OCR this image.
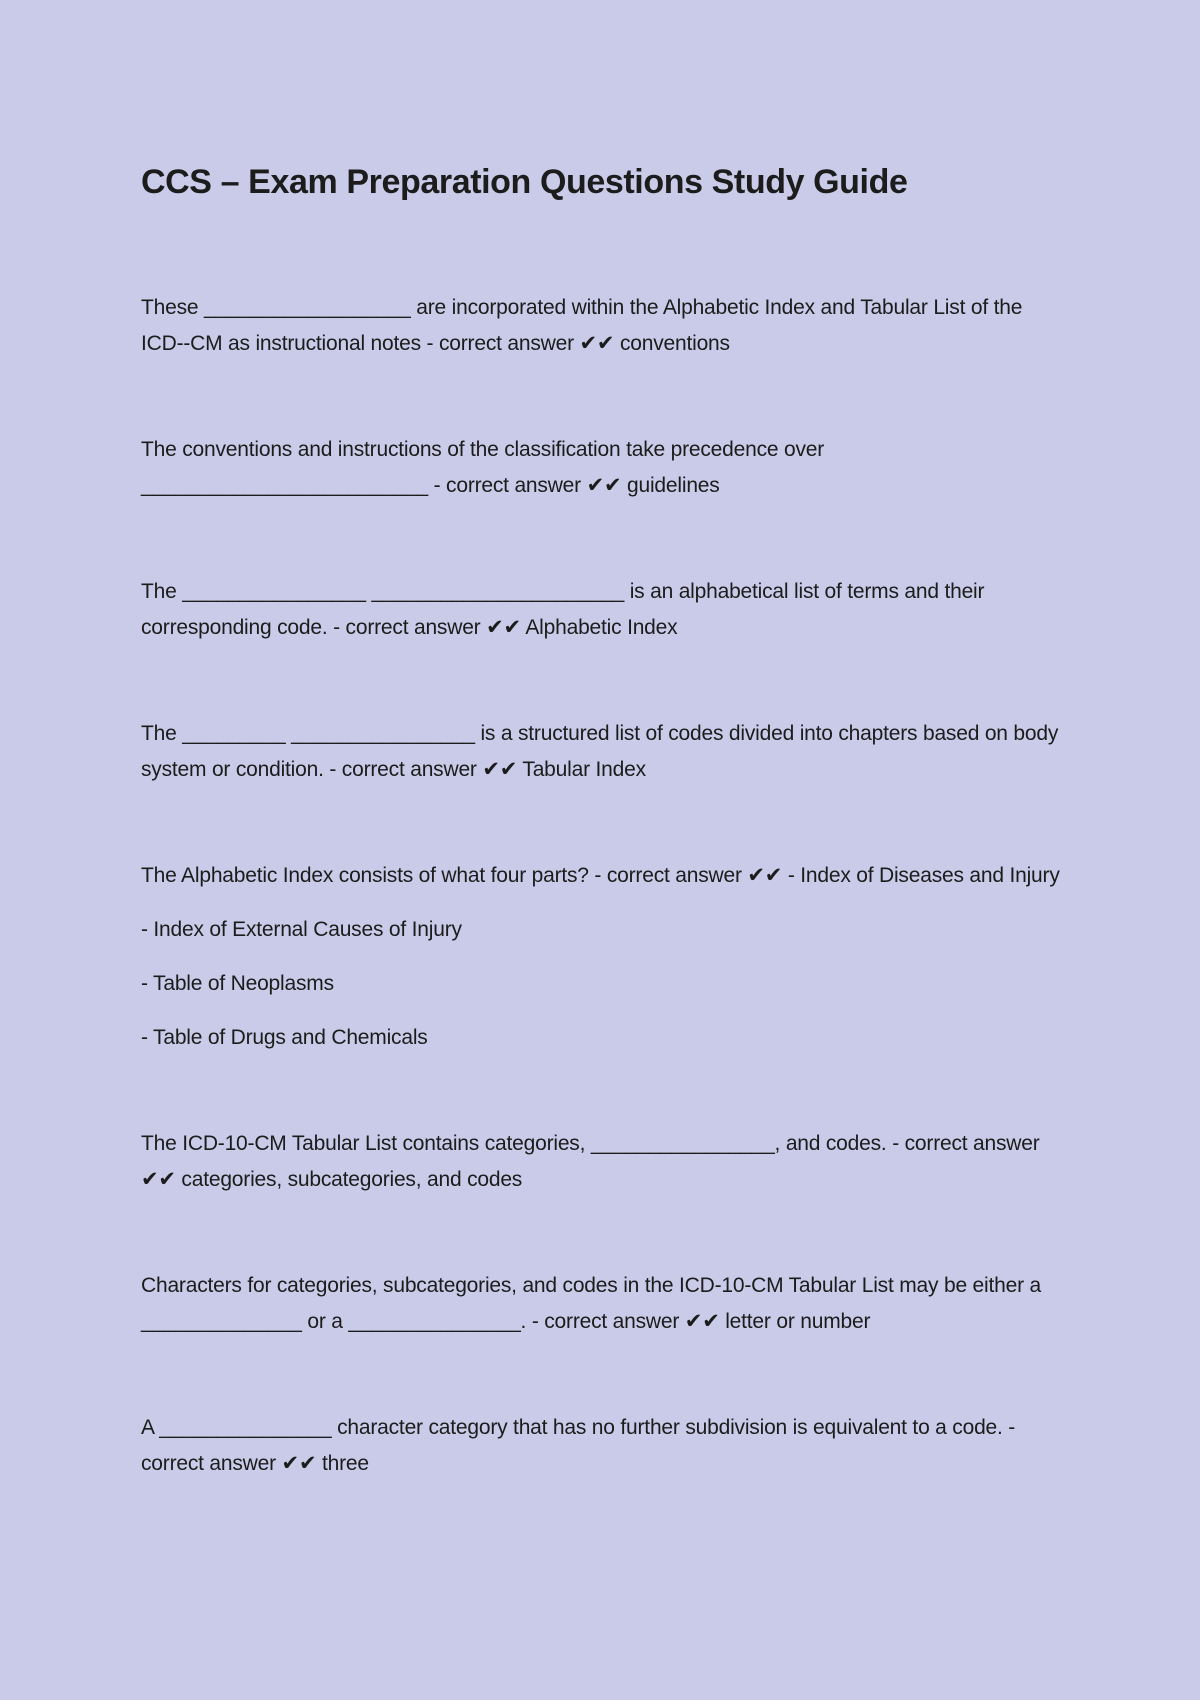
CCS – Exam Preparation Questions Study Guide

These __________________ are incorporated within the Alphabetic Index and Tabular List of the ICD--CM as instructional notes - correct answer ✔✔ conventions

The conventions and instructions of the classification take precedence over _________________________ - correct answer ✔✔ guidelines

The ________________ ______________________ is an alphabetical list of terms and their corresponding code. - correct answer ✔✔ Alphabetic Index

The _________ ________________ is a structured list of codes divided into chapters based on body system or condition. - correct answer ✔✔ Tabular Index

The Alphabetic Index consists of what four parts? - correct answer ✔✔ - Index of Diseases and Injury

- Index of External Causes of Injury

- Table of Neoplasms

- Table of Drugs and Chemicals

The ICD-10-CM Tabular List contains categories, ________________, and codes. - correct answer ✔✔ categories, subcategories, and codes

Characters for categories, subcategories, and codes in the ICD-10-CM Tabular List may be either a ______________ or a _______________. - correct answer ✔✔ letter or number

A _______________ character category that has no further subdivision is equivalent to a code. - correct answer ✔✔ three
